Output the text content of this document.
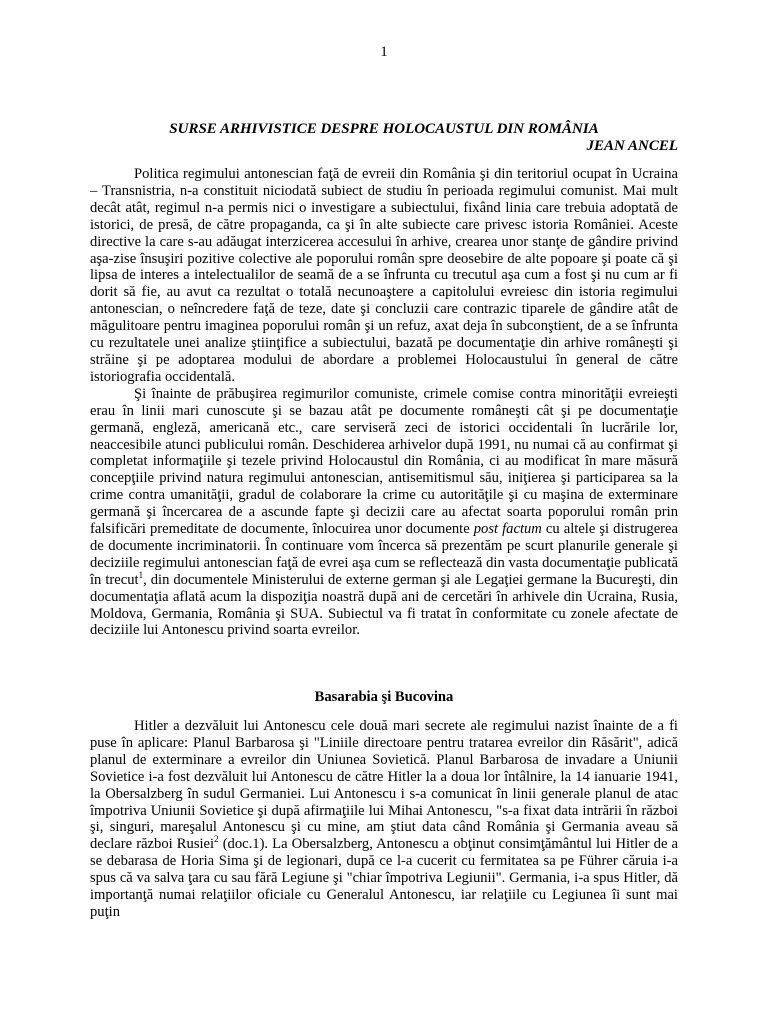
1
SURSE ARHIVISTICE DESPRE HOLOCAUSTUL DIN ROMÂNIA
JEAN ANCEL

Politica regimului antonescian faţă de evreii din România şi din teritoriul ocupat în Ucraina – Transnistria, n-a constituit niciodată subiect de studiu în perioada regimului comunist. Mai mult decât atât, regimul n-a permis nici o investigare a subiectului, fixând linia care trebuia adoptată de istorici, de presă, de către propaganda, ca şi în alte subiecte care privesc istoria României. Aceste directive la care s-au adăugat interzicerea accesului în arhive, crearea unor stanţe de gândire privind aşa-zise însuşiri pozitive colective ale poporului român spre deosebire de alte popoare şi poate că şi lipsa de interes a intelectualilor de seamă de a se înfrunta cu trecutul aşa cum a fost şi nu cum ar fi dorit să fie, au avut ca rezultat o totală necunoaştere a capitolului evreiesc din istoria regimului antonescian, o neîncredere faţă de teze, date şi concluzii care contrazic tiparele de gândire atât de măgulitoare pentru imaginea poporului român şi un refuz, axat deja în subconştient, de a se înfrunta cu rezultatele unei analize ştiinţifice a subiectului, bazată pe documentaţie din arhive româneşti şi străine şi pe adoptarea modului de abordare a problemei Holocaustului în general de către istoriografia occidentală.

Şi înainte de prăbuşirea regimurilor comuniste, crimele comise contra minorităţii evreieşti erau în linii mari cunoscute şi se bazau atât pe documente româneşti cât şi pe documentaţie germană, engleză, americană etc., care serviseră zeci de istorici occidentali în lucrările lor, neaccesibile atunci publicului român. Deschiderea arhivelor după 1991, nu numai că au confirmat şi completat informaţiile şi tezele privind Holocaustul din România, ci au modificat în mare măsură concepţiile privind natura regimului antonescian, antisemitismul său, iniţierea şi participarea sa la crime contra umanităţii, gradul de colaborare la crime cu autorităţile şi cu maşina de exterminare germană şi încercarea de a ascunde fapte şi decizii care au afectat soarta poporului român prin falsificări premeditate de documente, înlocuirea unor documente post factum cu altele şi distrugerea de documente incriminatorii. În continuare vom încerca să prezentăm pe scurt planurile generale şi deciziile regimului antonescian faţă de evrei aşa cum se reflectează din vasta documentaţie publicată în trecut$^1$, din documentele Ministerului de externe german şi ale Legaţiei germane la Bucureşti, din documentaţia aflată acum la dispoziţia noastră după ani de cercetări în arhivele din Ucraina, Rusia, Moldova, Germania, România şi SUA. Subiectul va fi tratat în conformitate cu zonele afectate de deciziile lui Antonescu privind soarta evreilor.

Basarabia şi Bucovina

Hitler a dezvăluit lui Antonescu cele două mari secrete ale regimului nazist înainte de a fi puse în aplicare: Planul Barbarosa şi "Liniile directoare pentru tratarea evreilor din Răsărit", adică planul de exterminare a evreilor din Uniunea Sovietică. Planul Barbarosa de invadare a Uniunii Sovietice i-a fost dezvăluit lui Antonescu de către Hitler la a doua lor întâlnire, la 14 ianuarie 1941, la Obersalzberg în sudul Germaniei. Lui Antonescu i s-a comunicat în linii generale planul de atac împotriva Uniunii Sovietice şi după afirmaţiile lui Mihai Antonescu, "s-a fixat data intrării în război şi, singuri, mareşalul Antonescu şi cu mine, am ştiut data când România şi Germania aveau să declare război Rusiei$^2$ (doc.1). La Obersalzberg, Antonescu a obţinut consimţământul lui Hitler de a se debarasa de Horia Sima şi de legionari, după ce l-a cucerit cu fermitatea sa pe Führer căruia i-a spus că va salva ţara cu sau fără Legiune şi "chiar împotriva Legiunii". Germania, i-a spus Hitler, dă importanţă numai relaţiilor oficiale cu Generalul Antonescu, iar relaţiile cu Legiunea îi sunt mai puţin
